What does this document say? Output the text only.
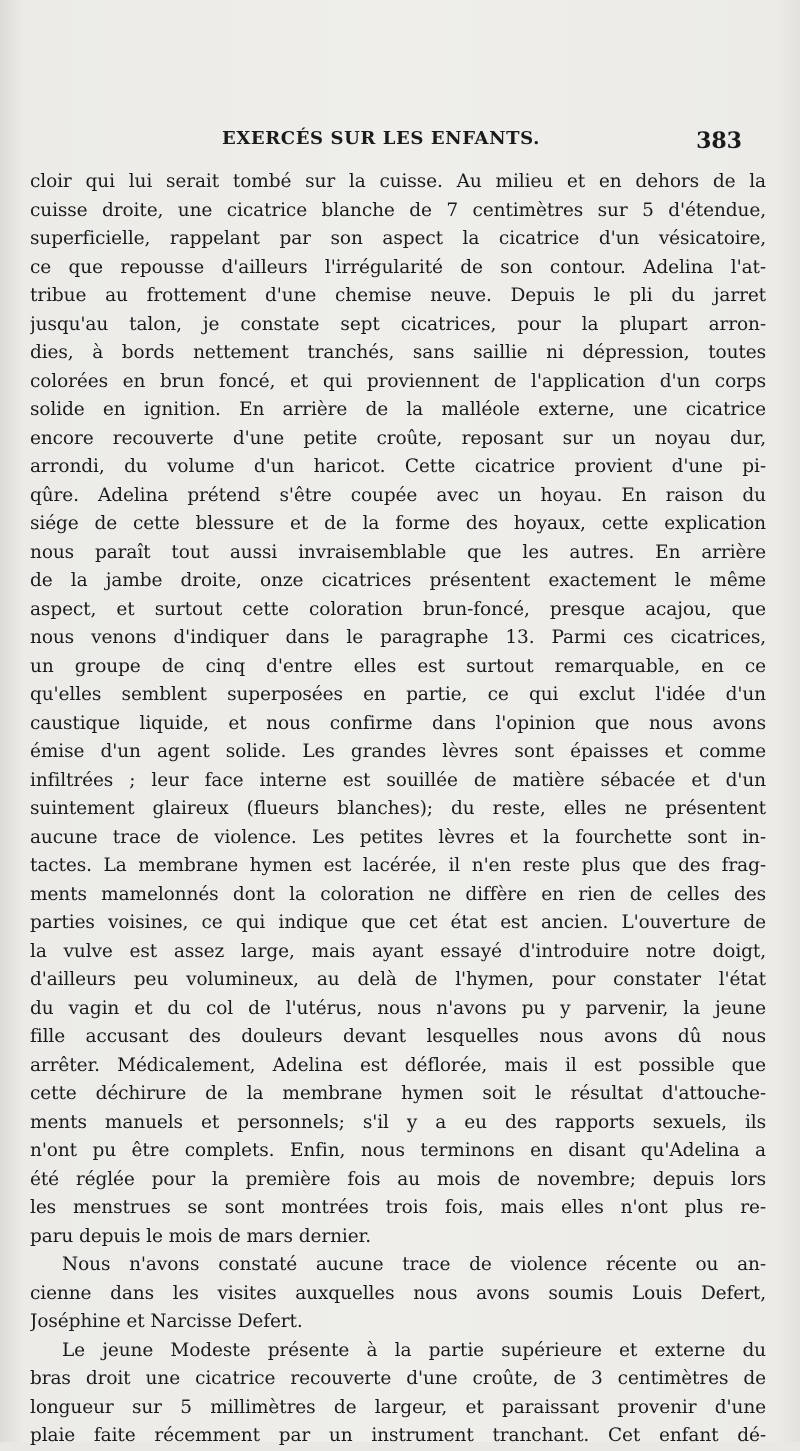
EXERCÉS SUR LES ENFANTS.	383
cloir qui lui serait tombé sur la cuisse. Au milieu et en dehors de la
cuisse droite, une cicatrice blanche de 7 centimètres sur 5 d'étendue,
superficielle, rappelant par son aspect la cicatrice d'un vésicatoire,
ce que repousse d'ailleurs l'irrégularité de son contour. Adelina l'at-
tribue au frottement d'une chemise neuve. Depuis le pli du jarret
jusqu'au talon, je constate sept cicatrices, pour la plupart arron-
dies, à bords nettement tranchés, sans saillie ni dépression, toutes
colorées en brun foncé, et qui proviennent de l'application d'un corps
solide en ignition. En arrière de la malléole externe, une cicatrice
encore recouverte d'une petite croûte, reposant sur un noyau dur,
arrondi, du volume d'un haricot. Cette cicatrice provient d'une pi-
qûre. Adelina prétend s'être coupée avec un hoyau. En raison du
siége de cette blessure et de la forme des hoyaux, cette explication
nous paraît tout aussi invraisemblable que les autres. En arrière
de la jambe droite, onze cicatrices présentent exactement le même
aspect, et surtout cette coloration brun-foncé, presque acajou, que
nous venons d'indiquer dans le paragraphe 13. Parmi ces cicatrices,
un groupe de cinq d'entre elles est surtout remarquable, en ce
qu'elles semblent superposées en partie, ce qui exclut l'idée d'un
caustique liquide, et nous confirme dans l'opinion que nous avons
émise d'un agent solide. Les grandes lèvres sont épaisses et comme
infiltrées ; leur face interne est souillée de matière sébacée et d'un
suintement glaireux (flueurs blanches); du reste, elles ne présentent
aucune trace de violence. Les petites lèvres et la fourchette sont in-
tactes. La membrane hymen est lacérée, il n'en reste plus que des frag-
ments mamelonnés dont la coloration ne diffère en rien de celles des
parties voisines, ce qui indique que cet état est ancien. L'ouverture de
la vulve est assez large, mais ayant essayé d'introduire notre doigt,
d'ailleurs peu volumineux, au delà de l'hymen, pour constater l'état
du vagin et du col de l'utérus, nous n'avons pu y parvenir, la jeune
fille accusant des douleurs devant lesquelles nous avons dû nous
arrêter. Médicalement, Adelina est déflorée, mais il est possible que
cette déchirure de la membrane hymen soit le résultat d'attouche-
ments manuels et personnels; s'il y a eu des rapports sexuels, ils
n'ont pu être complets. Enfin, nous terminons en disant qu'Adelina a
été réglée pour la première fois au mois de novembre; depuis lors
les menstrues se sont montrées trois fois, mais elles n'ont plus re-
paru depuis le mois de mars dernier.
Nous n'avons constaté aucune trace de violence récente ou an-
cienne dans les visites auxquelles nous avons soumis Louis Defert,
Joséphine et Narcisse Defert.
Le jeune Modeste présente à la partie supérieure et externe du
bras droit une cicatrice recouverte d'une croûte, de 3 centimètres de
longueur sur 5 millimètres de largeur, et paraissant provenir d'une
plaie faite récemment par un instrument tranchant. Cet enfant dé-
